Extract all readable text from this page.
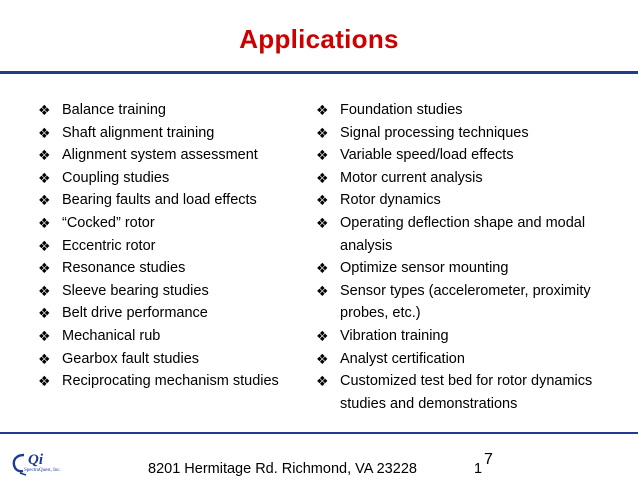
Applications
❖ Balance training
❖ Shaft alignment training
❖ Alignment system assessment
❖ Coupling studies
❖ Bearing faults and load effects
❖ “Cocked” rotor
❖ Eccentric rotor
❖ Resonance studies
❖ Sleeve bearing studies
❖ Belt drive performance
❖ Mechanical rub
❖ Gearbox fault studies
❖ Reciprocating mechanism studies
❖ Foundation studies
❖ Signal processing techniques
❖ Variable speed/load effects
❖ Motor current analysis
❖ Rotor dynamics
❖ Operating deflection shape and modal analysis
❖ Optimize sensor mounting
❖ Sensor types (accelerometer, proximity probes, etc.)
❖ Vibration training
❖ Analyst certification
❖ Customized test bed for rotor dynamics studies and demonstrations
Qi
SpectraQuest, Inc.	8201 Hermitage Rd. Richmond, VA 23228	1
7
